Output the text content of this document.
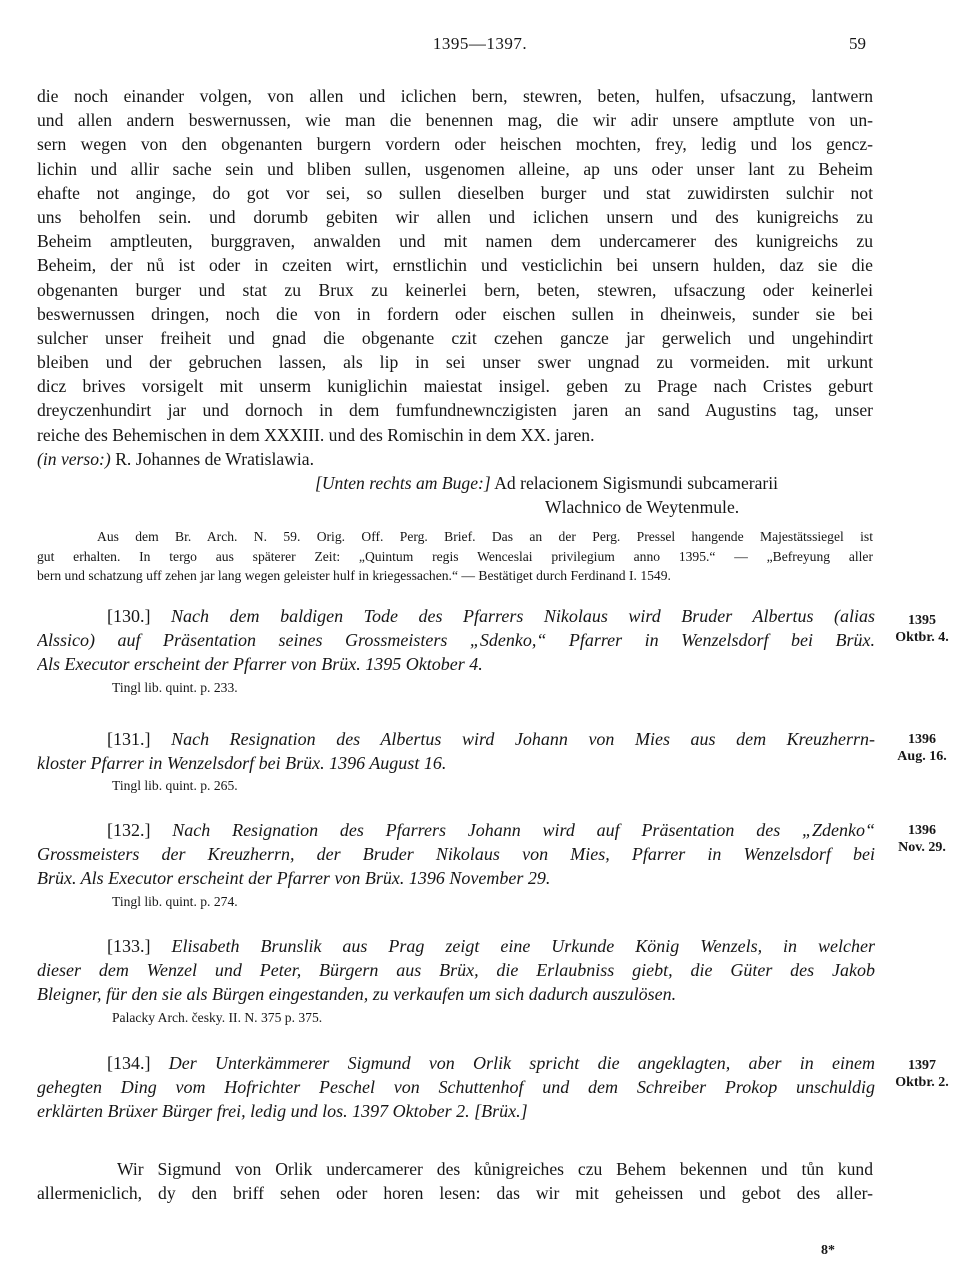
1395—1397.	59
die noch einander volgen, von allen und iclichen bern, stewren, beten, hulfen, ufsaczung, lantwern
und allen andern beswernussen, wie man die benennen mag, die wir adir unsere amptlute von un-
sern wegen von den obgenanten burgern vordern oder heischen mochten, frey, ledig und los gencz-
lichin und allir sache sein und bliben sullen, usgenomen alleine, ap uns oder unser lant zu Beheim
ehafte not anginge, do got vor sei, so sullen dieselben burger und stat zuwidirsten sulchir not
uns beholfen sein. und dorumb gebiten wir allen und iclichen unsern und des kunigreichs zu
Beheim amptleuten, burggraven, anwalden und mit namen dem undercamerer des kunigreichs zu
Beheim, der nů ist oder in czeiten wirt, ernstlichin und vesticlichin bei unsern hulden, daz sie die
obgenanten burger und stat zu Brux zu keinerlei bern, beten, stewren, ufsaczung oder keinerlei
beswernussen dringen, noch die von in fordern oder eischen sullen in dheinweis, sunder sie bei
sulcher unser freiheit und gnad die obgenante czit czehen gancze jar gerwelich und ungehindirt
bleiben und der gebruchen lassen, als lip in sei unser swer ungnad zu vormeiden. mit urkunt
dicz brives vorsigelt mit unserm kuniglichin maiestat insigel. geben zu Prage nach Cristes geburt
dreyczenhundirt jar und dornoch in dem fumfundnewnczigisten jaren an sand Augustins tag, unser
reiche des Behemischen in dem XXXIII. und des Romischin in dem XX. jaren.
(in verso:) R. Johannes de Wratislawia.
[Unten rechts am Buge:] Ad relacionem Sigismundi subcamerarii
Wlachnico de Weytenmule.
Aus dem Br. Arch. N. 59. Orig. Off. Perg. Brief. Das an der Perg. Pressel hangende Majestätssiegel ist
gut erhalten. In tergo aus späterer Zeit: „Quintum regis Wenceslai privilegium anno 1395.“ — „Befreyung aller
bern und schatzung uff zehen jar lang wegen geleister hulf in kriegessachen.“ — Bestätiget durch Ferdinand I. 1549.
[130.] Nach dem baldigen Tode des Pfarrers Nikolaus wird Bruder Albertus (alias
Alssico) auf Präsentation seines Grossmeisters „Sdenko,“ Pfarrer in Wenzelsdorf bei Brüx.
Als Executor erscheint der Pfarrer von Brüx. 1395 Oktober 4.
Tingl lib. quint. p. 233.
1395
Oktbr. 4.
[131.] Nach Resignation des Albertus wird Johann von Mies aus dem Kreuzherrn-
kloster Pfarrer in Wenzelsdorf bei Brüx. 1396 August 16.
Tingl lib. quint. p. 265.
1396
Aug. 16.
[132.] Nach Resignation des Pfarrers Johann wird auf Präsentation des „Zdenko“
Grossmeisters der Kreuzherrn, der Bruder Nikolaus von Mies, Pfarrer in Wenzelsdorf bei
Brüx. Als Executor erscheint der Pfarrer von Brüx. 1396 November 29.
Tingl lib. quint. p. 274.
1396
Nov. 29.
[133.] Elisabeth Brunslik aus Prag zeigt eine Urkunde König Wenzels, in welcher
dieser dem Wenzel und Peter, Bürgern aus Brüx, die Erlaubniss giebt, die Güter des Jakob
Bleigner, für den sie als Bürgen eingestanden, zu verkaufen um sich dadurch auszulösen.
Palacky Arch. česky. II. N. 375 p. 375.
[134.] Der Unterkämmerer Sigmund von Orlik spricht die angeklagten, aber in einem
gehegten Ding vom Hofrichter Peschel von Schuttenhof und dem Schreiber Prokop unschuldig
erklärten Brüxer Bürger frei, ledig und los. 1397 Oktober 2. [Brüx.]
1397
Oktbr. 2.
Wir Sigmund von Orlik undercamerer des kůnigreiches czu Behem bekennen und tůn kund
allermeniclich, dy den briff sehen oder horen lesen: das wir mit geheissen und gebot des aller-
8*
